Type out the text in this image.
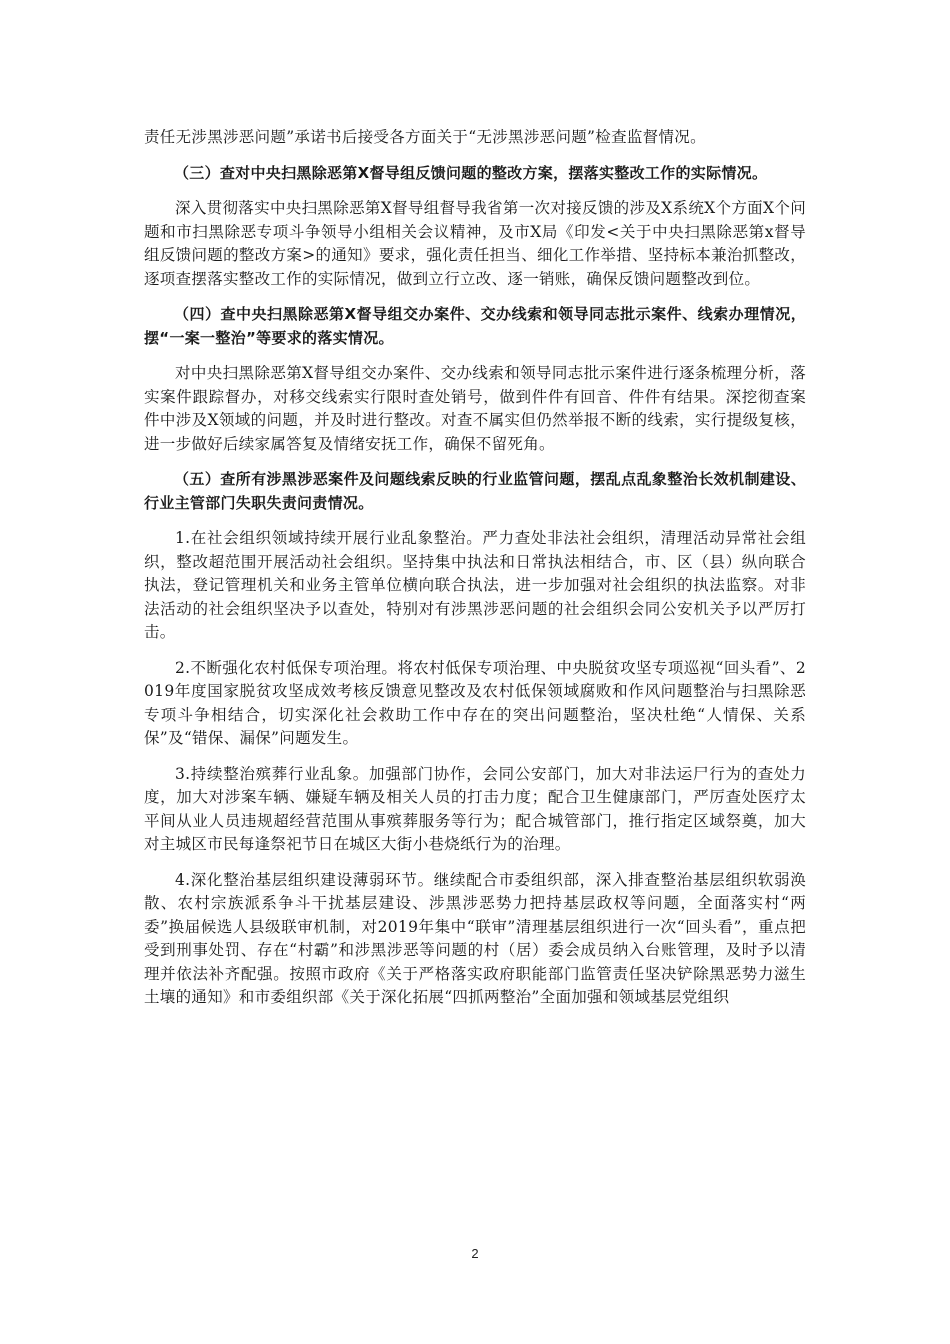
责任无涉黑涉恶问题”承诺书后接受各方面关于“无涉黑涉恶问题”检查监督情况。

（三）查对中央扫黑除恶第X督导组反馈问题的整改方案，摆落实整改工作的实际情况。

深入贯彻落实中央扫黑除恶第X督导组督导我省第一次对接反馈的涉及X系统X个方面X个问题和市扫黑除恶专项斗争领导小组相关会议精神，及市X局《印发<关于中央扫黑除恶第x督导组反馈问题的整改方案>的通知》要求，强化责任担当、细化工作举措、坚持标本兼治抓整改，逐项查摆落实整改工作的实际情况，做到立行立改、逐一销账，确保反馈问题整改到位。

（四）查中央扫黑除恶第X督导组交办案件、交办线索和领导同志批示案件、线索办理情况，摆“一案一整治”等要求的落实情况。

对中央扫黑除恶第X督导组交办案件、交办线索和领导同志批示案件进行逐条梳理分析，落实案件跟踪督办，对移交线索实行限时查处销号，做到件件有回音、件件有结果。深挖彻查案件中涉及X领域的问题，并及时进行整改。对查不属实但仍然举报不断的线索，实行提级复核，进一步做好后续家属答复及情绪安抚工作，确保不留死角。

（五）查所有涉黑涉恶案件及问题线索反映的行业监管问题，摆乱点乱象整治长效机制建设、行业主管部门失职失责问责情况。

1.在社会组织领域持续开展行业乱象整治。严力查处非法社会组织，清理活动异常社会组织，整改超范围开展活动社会组织。坚持集中执法和日常执法相结合，市、区（县）纵向联合执法，登记管理机关和业务主管单位横向联合执法，进一步加强对社会组织的执法监察。对非法活动的社会组织坚决予以查处，特别对有涉黑涉恶问题的社会组织会同公安机关予以严厉打击。

2.不断强化农村低保专项治理。将农村低保专项治理、中央脱贫攻坚专项巡视“回头看”、2019年度国家脱贫攻坚成效考核反馈意见整改及农村低保领域腐败和作风问题整治与扫黑除恶专项斗争相结合，切实深化社会救助工作中存在的突出问题整治，坚决杜绝“人情保、关系保”及“错保、漏保”问题发生。

3.持续整治殡葬行业乱象。加强部门协作，会同公安部门，加大对非法运尸行为的查处力度，加大对涉案车辆、嫌疑车辆及相关人员的打击力度；配合卫生健康部门，严厉查处医疗太平间从业人员违规超经营范围从事殡葬服务等行为；配合城管部门，推行指定区域祭奠，加大对主城区市民每逢祭祀节日在城区大街小巷烧纸行为的治理。

4.深化整治基层组织建设薄弱环节。继续配合市委组织部，深入排查整治基层组织软弱涣散、农村宗族派系争斗干扰基层建设、涉黑涉恶势力把持基层政权等问题，全面落实村“两委”换届候选人县级联审机制，对2019年集中“联审”清理基层组织进行一次“回头看”，重点把受到刑事处罚、存在“村霸”和涉黑涉恶等问题的村（居）委会成员纳入台账管理，及时予以清理并依法补齐配强。按照市政府《关于严格落实政府职能部门监管责任坚决铲除黑恶势力滋生土壤的通知》和市委组织部《关于深化拓展“四抓两整治”全面加强和领域基层党组织

2
